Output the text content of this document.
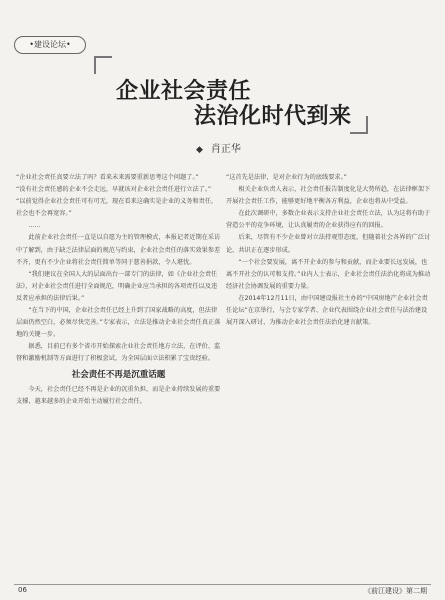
•建设论坛•
企业社会责任
法治化时代到来
◆ 肖正华

“企业社会责任真要立法了吗？看来未来需要重新思考这个问题了。”

“没有社会责任感的企业不会走远，早就该对企业社会责任进行立法了。”

“以前觉得企业社会责任可有可无，现在看来这确实是企业的义务和责任，社会也不会再宽容。”

……

此前企业社会责任一直是以自愿为主的管理模式，本报记者近期在采访中了解到，由于缺乏法律层面的规范与约束，企业社会责任的落实效果参差不齐，更有不少企业将社会责任简单等同于慈善捐款，令人堪忧。

“我们建议在全国人大的层面出台一部专门的法律，如《企业社会责任法》，对企业社会责任进行全面规范，明确企业应当承担的各项责任以及违反者应承担的法律后果。”

“在当下的中国，企业社会责任已经上升到了国家战略的高度，但法律层面仍然空白，必须尽快完善。”专家表示，立法是推动企业社会责任真正落地的关键一步。

据悉，目前已有多个省市开始探索企业社会责任地方立法，在评价、监督和激励机制等方面进行了积极尝试，为全国层面立法积累了宝贵经验。

社会责任不再是沉重话题

今天，社会责任已经不再是企业的沉重负担，而是企业持续发展的重要支撑，越来越多的企业开始主动履行社会责任。

“这首先是法律，是对企业行为的底线要求。”

相关企业负责人表示，社会责任报告制度化是大势所趋，在法律框架下开展社会责任工作，能够更好地平衡各方利益，企业也将从中受益。

在此次调研中，多数企业表示支持企业社会责任立法，认为这将有助于营造公平的竞争环境，让认真履责的企业获得应有的回报。

后来，尽管有不少企业曾对立法持观望态度，但随着社会各界的广泛讨论，共识正在逐步形成。

“一个社会要发展，离不开企业的参与和贡献，而企业要长远发展，也离不开社会的认可和支持。”业内人士表示，企业社会责任法治化将成为推动经济社会协调发展的重要力量。

在2014年12月11日，由中国建设报社主办的“中国房地产企业社会责任论坛”在京举行，与会专家学者、企业代表围绕企业社会责任与法治建设展开深入研讨，为推动企业社会责任法治化建言献策。

06	《前江建设》第二期
